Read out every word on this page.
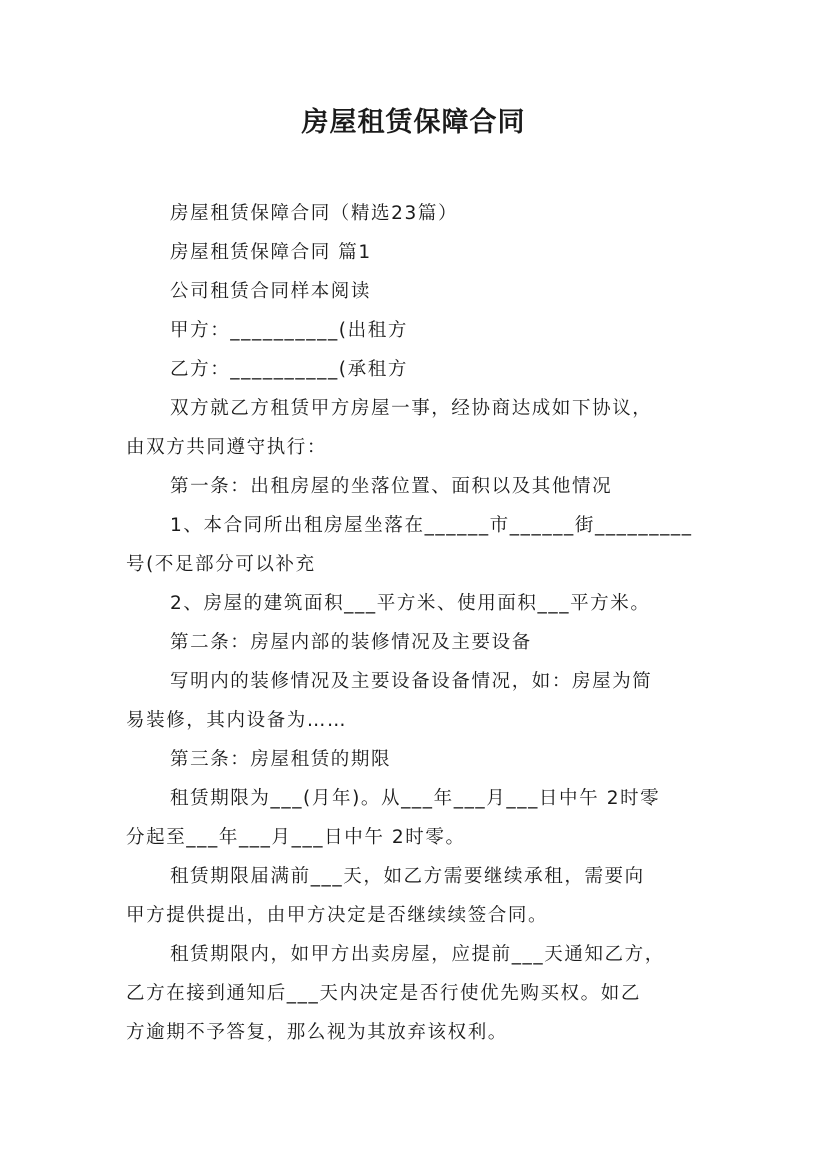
房屋租赁保障合同
房屋租赁保障合同（精选23篇）
房屋租赁保障合同 篇1
公司租赁合同样本阅读
甲方：__________(出租方
乙方：__________(承租方
双方就乙方租赁甲方房屋一事，经协商达成如下协议，
由双方共同遵守执行：
第一条：出租房屋的坐落位置、面积以及其他情况
1、本合同所出租房屋坐落在______市______街_________
号(不足部分可以补充
2、房屋的建筑面积___平方米、使用面积___平方米。
第二条：房屋内部的装修情况及主要设备
写明内的装修情况及主要设备设备情况，如：房屋为简
易装修，其内设备为……
第三条：房屋租赁的期限
租赁期限为___(月年)。从___年___月___日中午 2时零
分起至___年___月___日中午 2时零。
租赁期限届满前___天，如乙方需要继续承租，需要向
甲方提供提出，由甲方决定是否继续续签合同。
租赁期限内，如甲方出卖房屋，应提前___天通知乙方，
乙方在接到通知后___天内决定是否行使优先购买权。如乙
方逾期不予答复，那么视为其放弃该权利。
